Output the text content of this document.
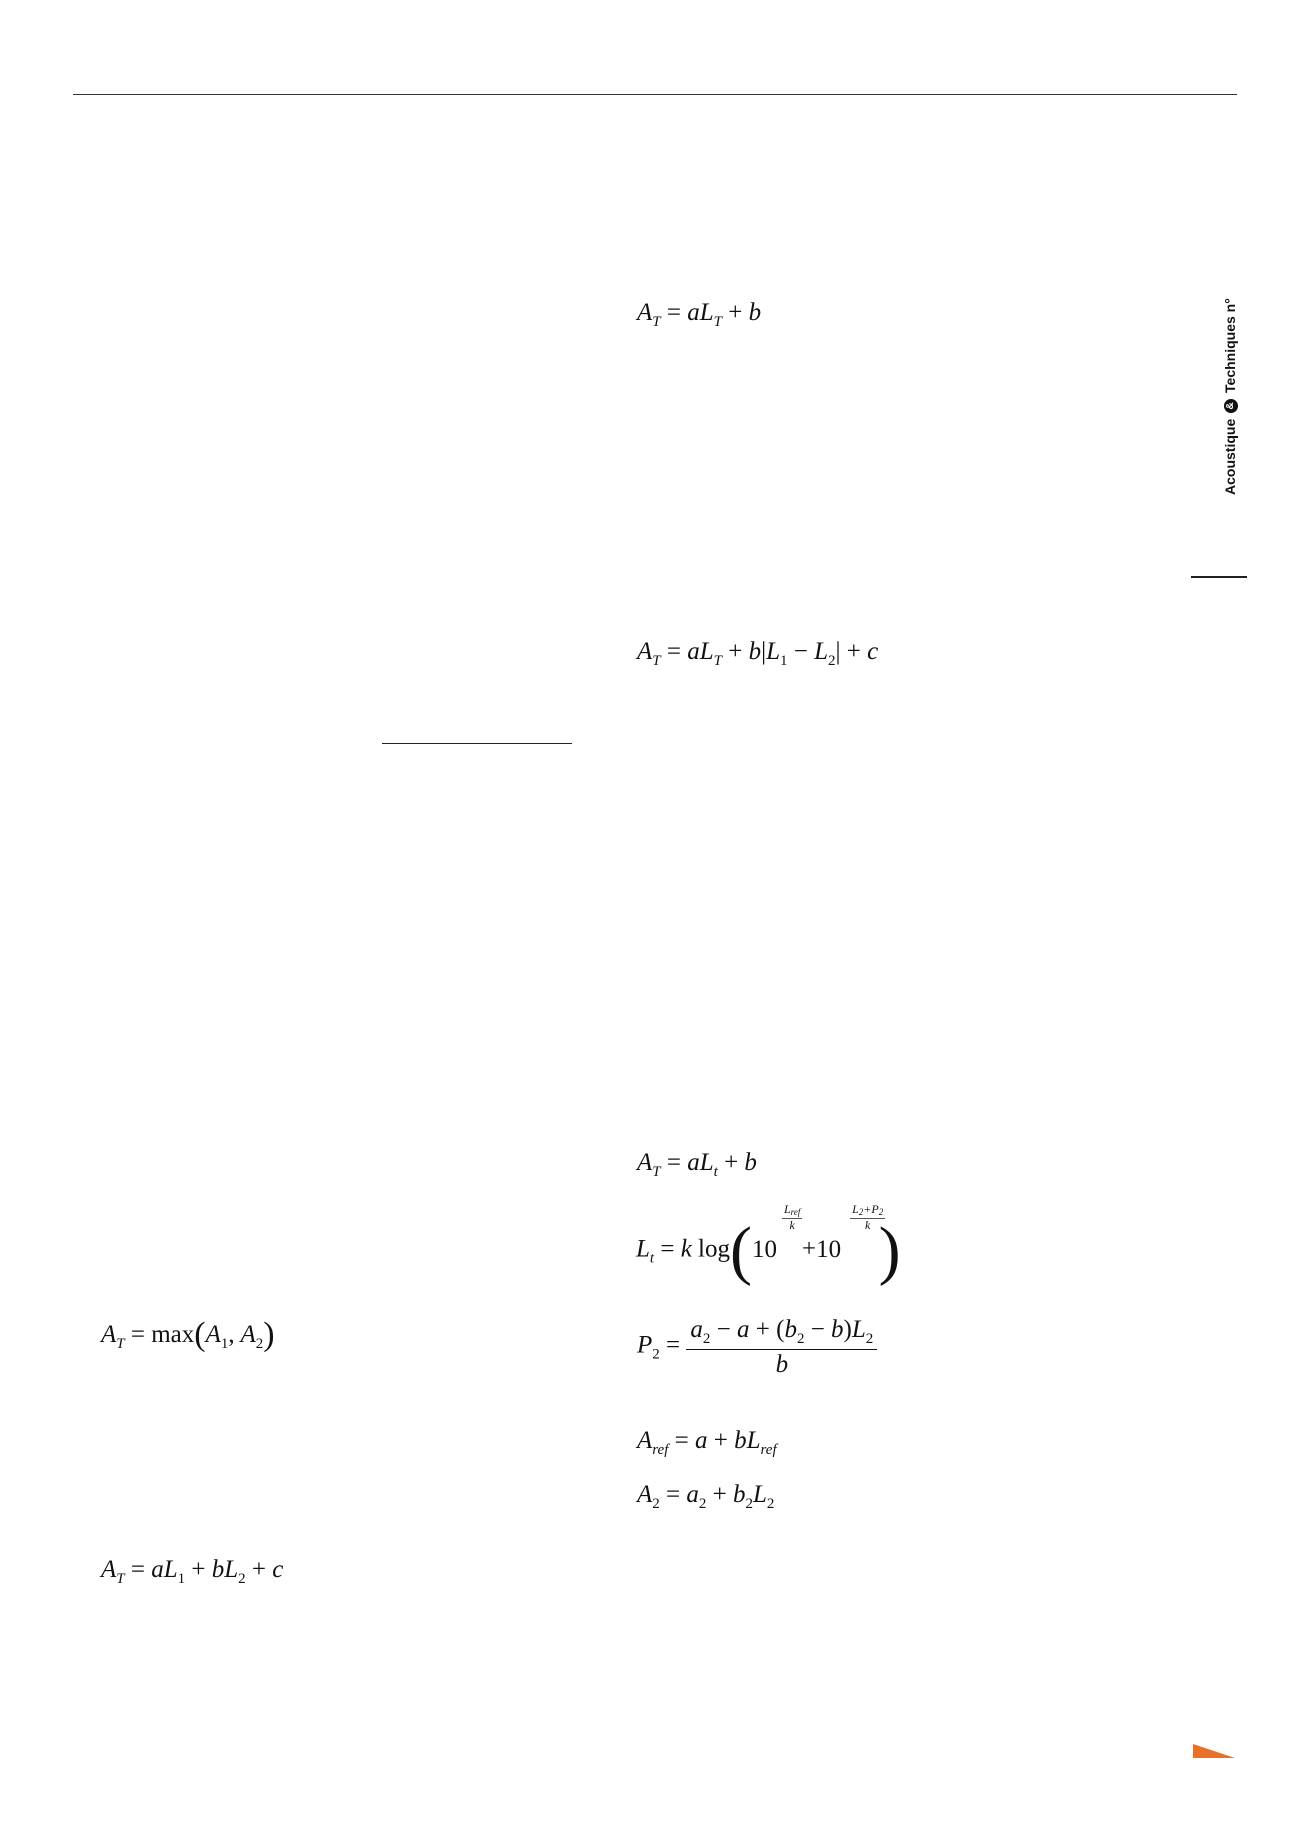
Acoustique & Techniques n°
$A_T = aL_T + b$
$A_T = aL_T + b|L_1 - L_2| + c$
$A_T = aL_t + b$
$L_t = k$ log(10
$L_{ref}$
k
+10
$L_2+P_2$
k )
$P_2 = \frac{a_2 - a + (b_2 - b)L_2}{b}$
$A_{ref} = a + bL_{ref}$
$A_2 = a_2 + b_2L_2$
$A_T = \max(A_1$, $A_2$)
$A_T = aL_1 + bL_2 + c$
